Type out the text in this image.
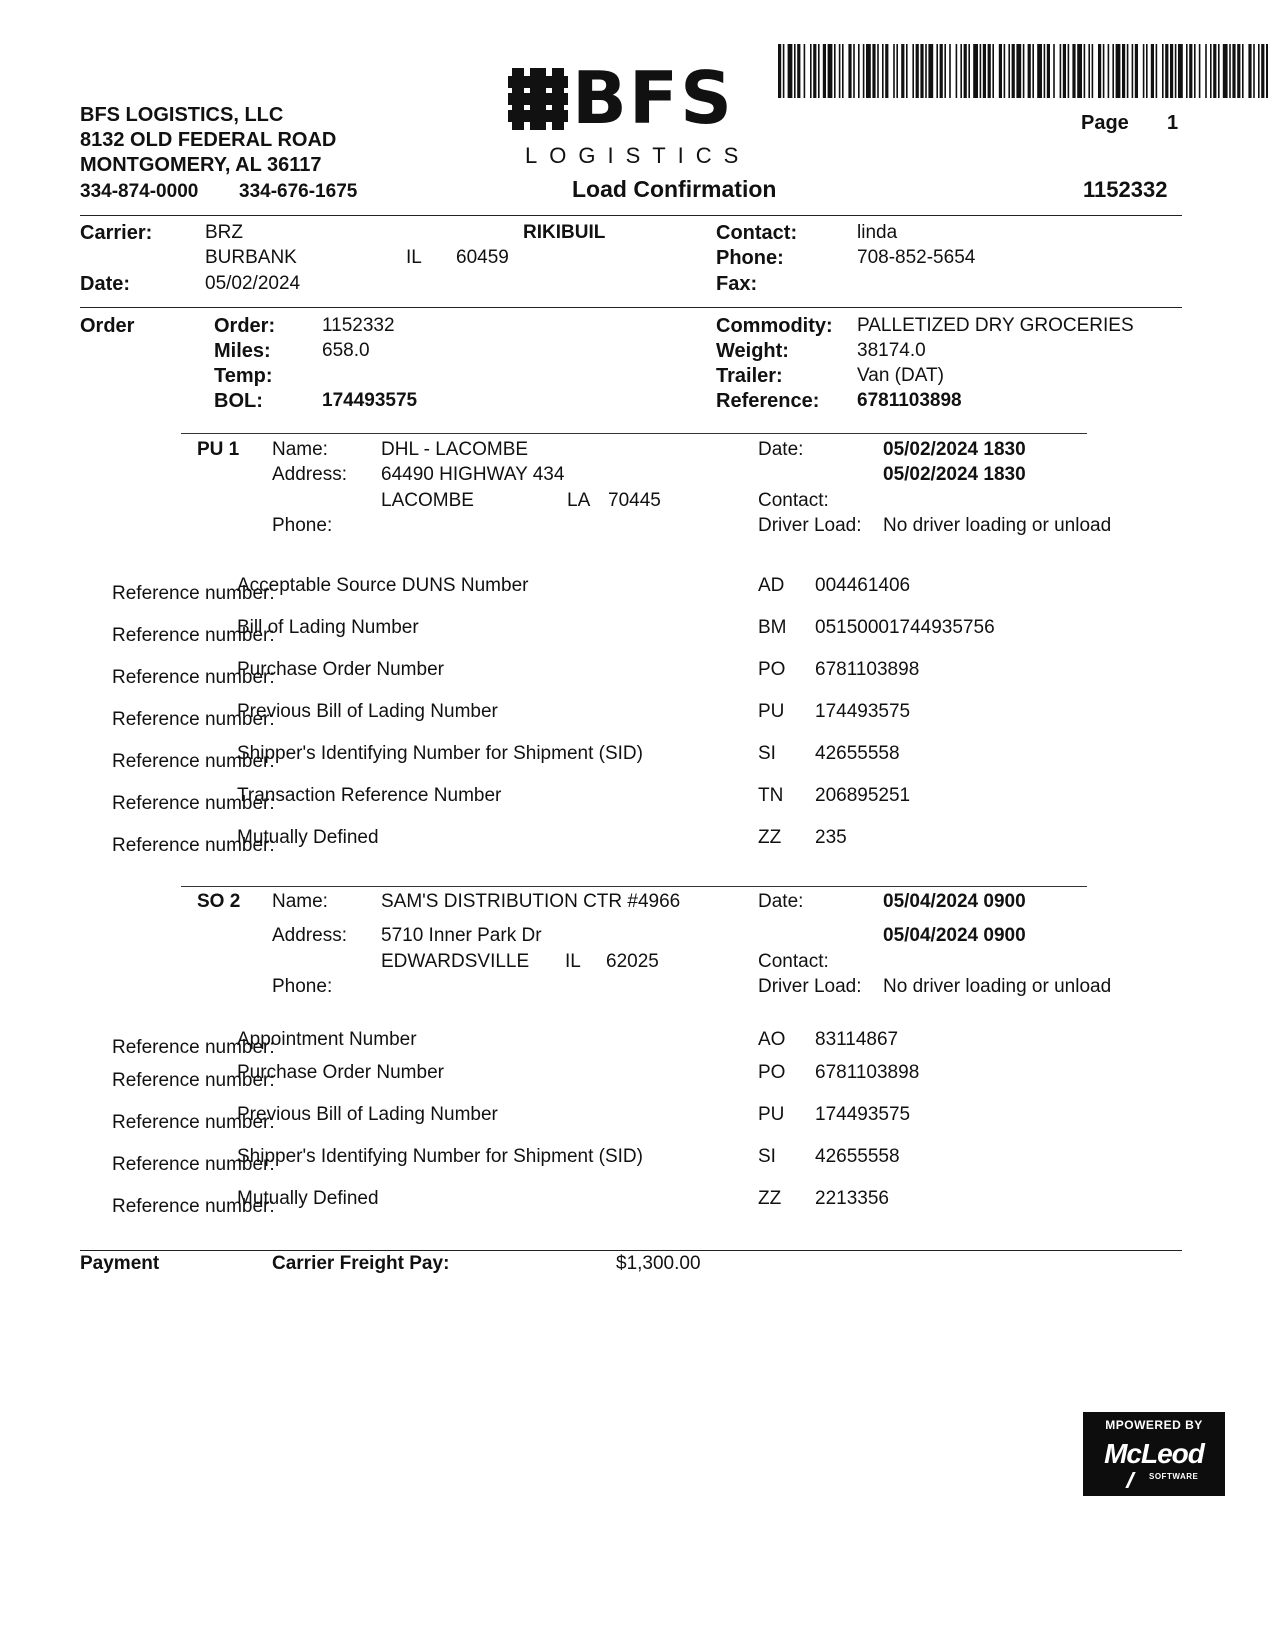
BFS LOGISTICS, LLC
8132 OLD FEDERAL ROAD
MONTGOMERY, AL 36117
334-874-0000 334-676-1675
BFS
LOGISTICS
Load Confirmation
Page 1
1152332
Carrier:	BRZ
BURBANK	IL 60459
RIKIBUIL
Date:	05/02/2024
Contact:	linda
Phone:	708-852-5654
Fax:
Order	Order: 1152332
Miles:	658.0
Temp:
BOL:	174493575
Commodity: PALLETIZED DRY GROCERIES
Weight:	38174.0
Trailer:	Van (DAT)
Reference: 6781103898
PU 1 Name:	DHL - LACOMBE
Address: 64490 HIGHWAY 434
LACOMBE	LA 70445
Phone:
Date:	05/02/2024 1830
05/02/2024 1830
Contact:
Driver Load: No driver loading or unload
Reference number:
Acceptable Source DUNS Number	AD 004461406
Reference number:
Bill of Lading Number	BM 05150001744935756
Reference number:
Purchase Order Number	PO 6781103898
Reference number:
Previous Bill of Lading Number	PU 174493575
Reference number:
Shipper's Identifying Number for Shipment (SID)	SI 42655558
Reference number:
Transaction Reference Number	TN 206895251
Reference number:
Mutually Defined	ZZ 235
SO 2 Name:	SAM'S DISTRIBUTION CTR #4966
Address: 5710 Inner Park Dr
EDWARDSVILLE IL 62025
Phone:
Date:	05/04/2024 0900
05/04/2024 0900
Contact:
Driver Load: No driver loading or unload
Reference number:
Appointment Number	AO 83114867
Reference number:
Purchase Order Number	PO 6781103898
Reference number:
Previous Bill of Lading Number	PU 174493575
Reference number:
Shipper's Identifying Number for Shipment (SID)	SI 42655558
Reference number:
Mutually Defined	ZZ 2213356
Payment	Carrier Freight Pay:	$1,300.00
MPOWERED BY
McLeod
SOFTWARE
